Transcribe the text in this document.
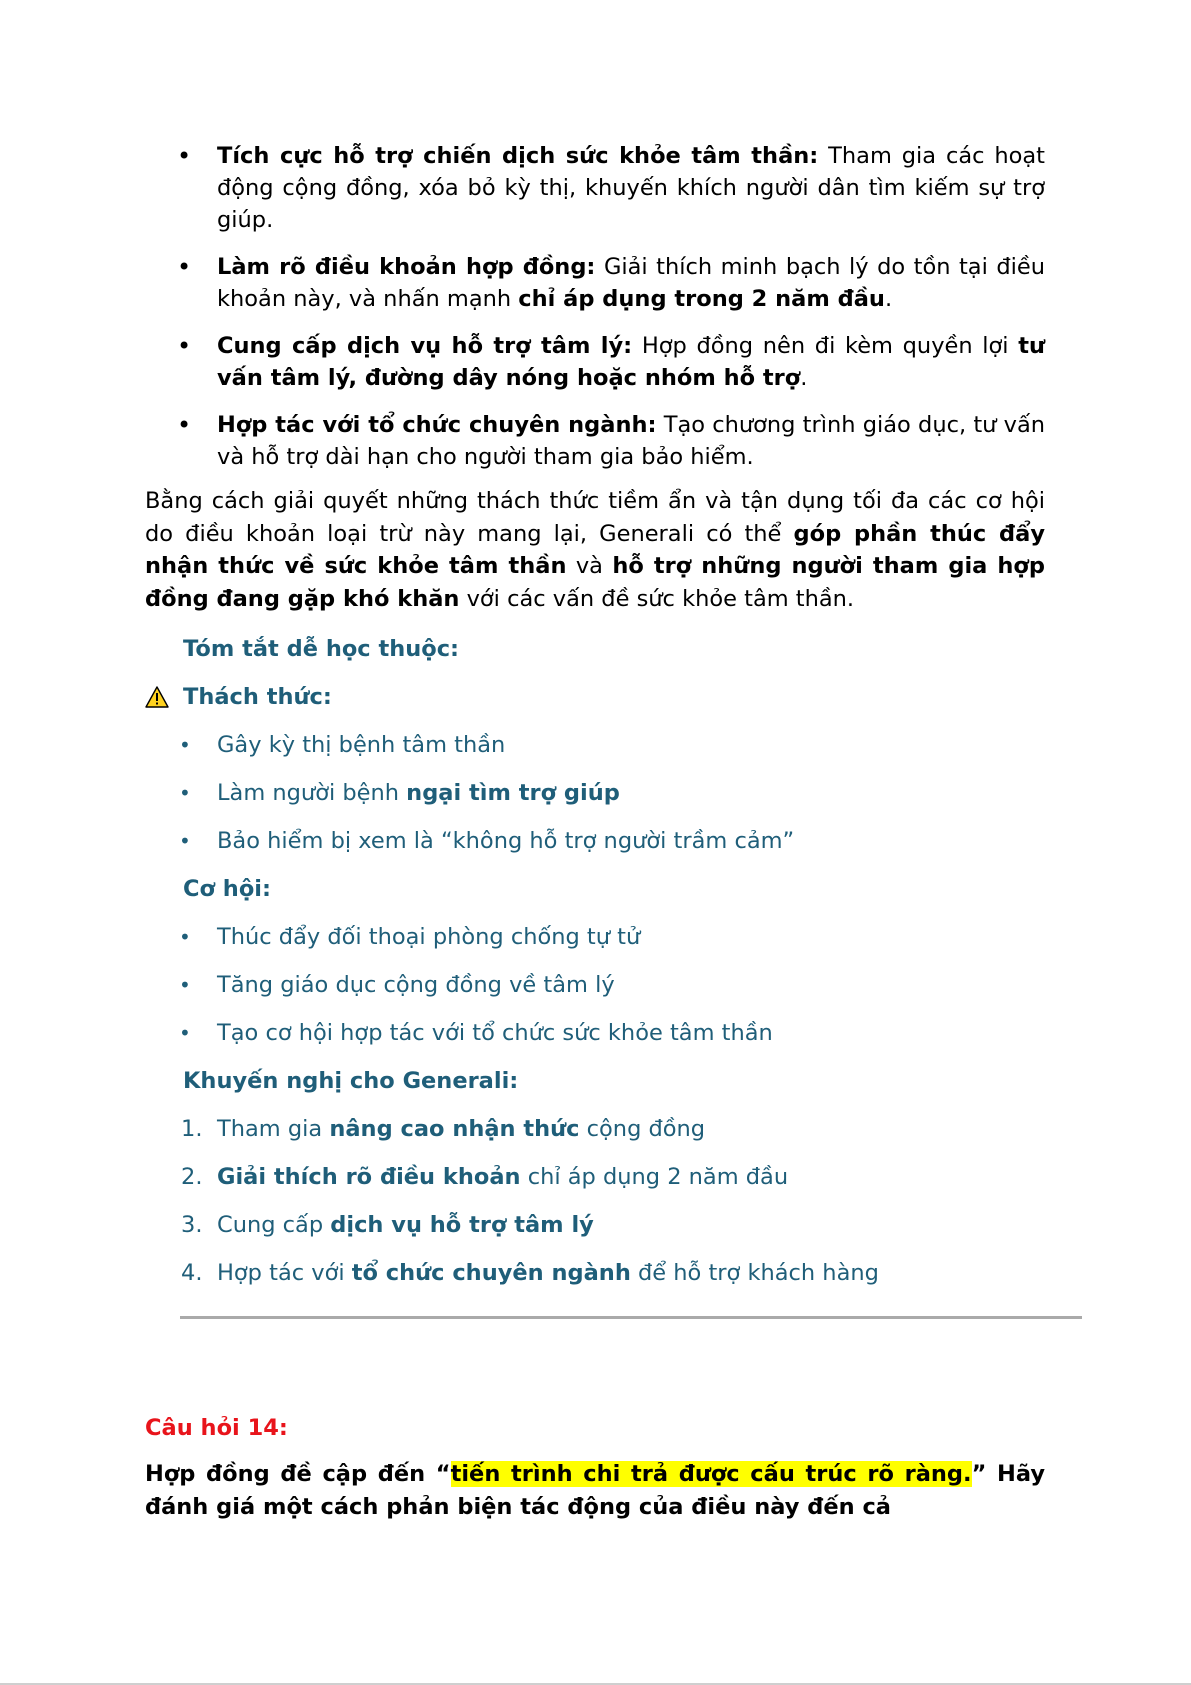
• Tích cực hỗ trợ chiến dịch sức khỏe tâm thần: Tham gia các hoạt động cộng đồng, xóa bỏ kỳ thị, khuyến khích người dân tìm kiếm sự trợ giúp.
• Làm rõ điều khoản hợp đồng: Giải thích minh bạch lý do tồn tại điều khoản này, và nhấn mạnh chỉ áp dụng trong 2 năm đầu.
• Cung cấp dịch vụ hỗ trợ tâm lý: Hợp đồng nên đi kèm quyền lợi tư vấn tâm lý, đường dây nóng hoặc nhóm hỗ trợ.
• Hợp tác với tổ chức chuyên ngành: Tạo chương trình giáo dục, tư vấn và hỗ trợ dài hạn cho người tham gia bảo hiểm.

Bằng cách giải quyết những thách thức tiềm ẩn và tận dụng tối đa các cơ hội do điều khoản loại trừ này mang lại, Generali có thể góp phần thúc đẩy nhận thức về sức khỏe tâm thần và hỗ trợ những người tham gia hợp đồng đang gặp khó khăn với các vấn đề sức khỏe tâm thần.

Tóm tắt dễ học thuộc:
Thách thức:
• Gây kỳ thị bệnh tâm thần
• Làm người bệnh ngại tìm trợ giúp
• Bảo hiểm bị xem là “không hỗ trợ người trầm cảm”
Cơ hội:
• Thúc đẩy đối thoại phòng chống tự tử
• Tăng giáo dục cộng đồng về tâm lý
• Tạo cơ hội hợp tác với tổ chức sức khỏe tâm thần
Khuyến nghị cho Generali:
1. Tham gia nâng cao nhận thức cộng đồng
2. Giải thích rõ điều khoản chỉ áp dụng 2 năm đầu
3. Cung cấp dịch vụ hỗ trợ tâm lý
4. Hợp tác với tổ chức chuyên ngành để hỗ trợ khách hàng
Câu hỏi 14:

Hợp đồng đề cập đến “tiến trình chi trả được cấu trúc rõ ràng.” Hãy đánh giá một cách phản biện tác động của điều này đến cả
